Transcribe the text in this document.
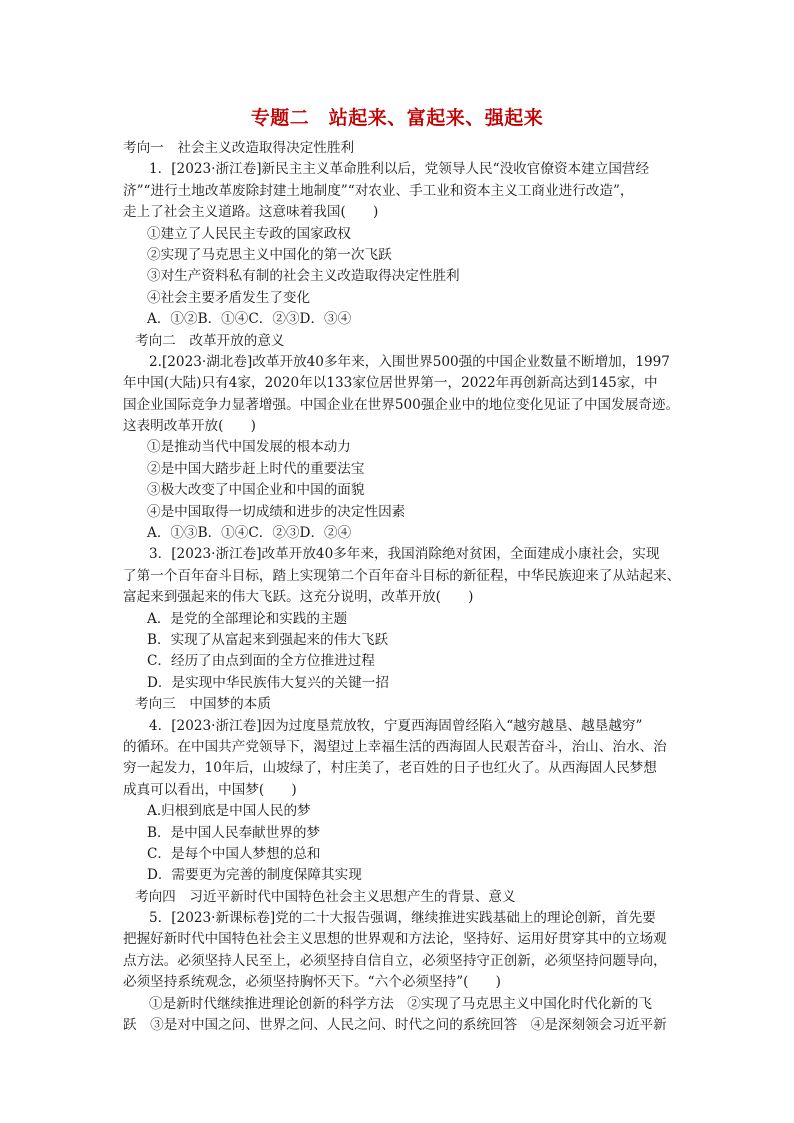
专题二　站起来、富起来、强起来
考向一　社会主义改造取得决定性胜利
1．[2023·浙江卷]新民主主义革命胜利以后，党领导人民“没收官僚资本建立国营经
济”“进行土地改革废除封建土地制度”“对农业、手工业和资本主义工商业进行改造”，
走上了社会主义道路。这意味着我国(　　)
①建立了人民民主专政的国家政权
②实现了马克思主义中国化的第一次飞跃
③对生产资料私有制的社会主义改造取得决定性胜利
④社会主要矛盾发生了变化
A．①②B．①④C．②③D．③④
考向二　改革开放的意义
2.[2023·湖北卷]改革开放40多年来，入围世界500强的中国企业数量不断增加，1997
年中国(大陆)只有4家，2020年以133家位居世界第一，2022年再创新高达到145家，中
国企业国际竞争力显著增强。中国企业在世界500强企业中的地位变化见证了中国发展奇迹。
这表明改革开放(　　)
①是推动当代中国发展的根本动力
②是中国大踏步赶上时代的重要法宝
③极大改变了中国企业和中国的面貌
④是中国取得一切成绩和进步的决定性因素
A．①③B．①④C．②③D．②④
3．[2023·浙江卷]改革开放40多年来，我国消除绝对贫困，全面建成小康社会，实现
了第一个百年奋斗目标，踏上实现第二个百年奋斗目标的新征程，中华民族迎来了从站起来、
富起来到强起来的伟大飞跃。这充分说明，改革开放(　　)
A．是党的全部理论和实践的主题
B．实现了从富起来到强起来的伟大飞跃
C．经历了由点到面的全方位推进过程
D．是实现中华民族伟大复兴的关键一招
考向三　中国梦的本质
4．[2023·浙江卷]因为过度垦荒放牧，宁夏西海固曾经陷入“越穷越垦、越垦越穷”
的循环。在中国共产党领导下，渴望过上幸福生活的西海固人民艰苦奋斗，治山、治水、治
穷一起发力，10年后，山坡绿了，村庄美了，老百姓的日子也红火了。从西海固人民梦想
成真可以看出，中国梦(　　)
A.归根到底是中国人民的梦
B．是中国人民奉献世界的梦
C．是每个中国人梦想的总和
D．需要更为完善的制度保障其实现
考向四　习近平新时代中国特色社会主义思想产生的背景、意义
5．[2023·新课标卷]党的二十大报告强调，继续推进实践基础上的理论创新，首先要
把握好新时代中国特色社会主义思想的世界观和方法论，坚持好、运用好贯穿其中的立场观
点方法。必须坚持人民至上，必须坚持自信自立，必须坚持守正创新，必须坚持问题导向，
必须坚持系统观念，必须坚持胸怀天下。“六个必须坚持”(　　)
①是新时代继续推进理论创新的科学方法　②实现了马克思主义中国化时代化新的飞
跃　③是对中国之问、世界之问、人民之问、时代之问的系统回答　④是深刻领会习近平新
